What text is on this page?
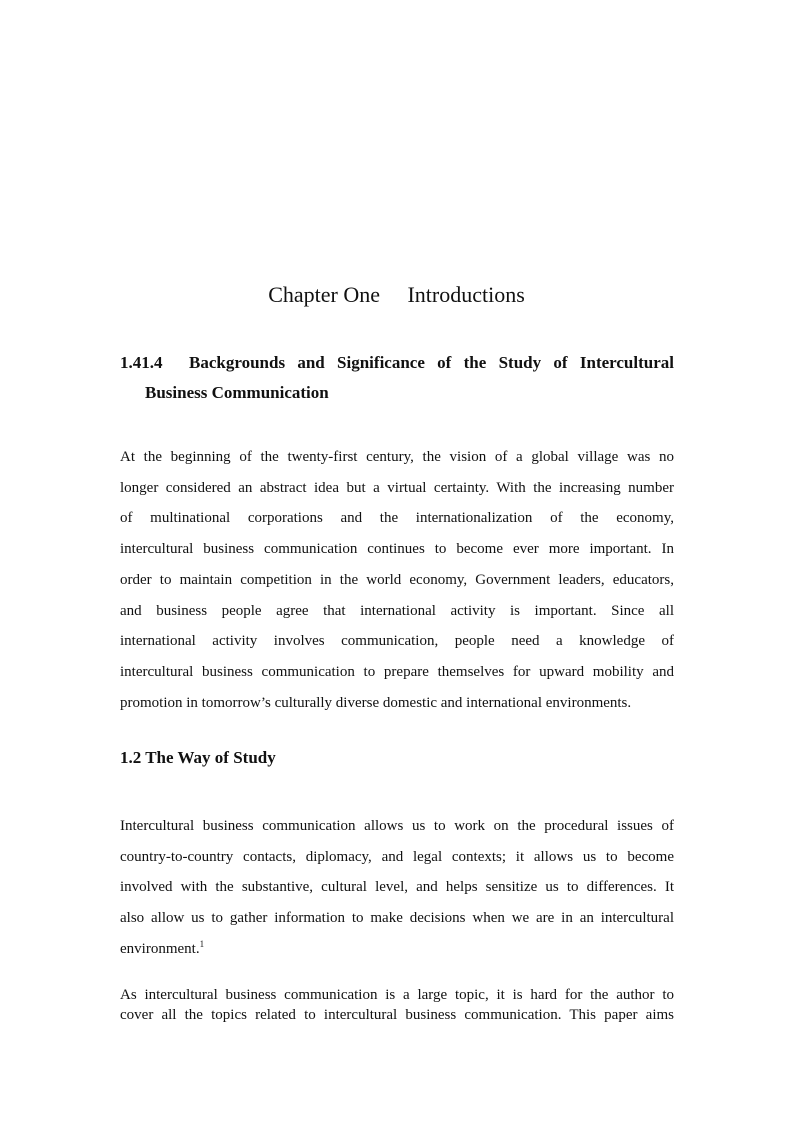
Chapter One  Introductions
1.41.4 Backgrounds and Significance of the Study of Intercultural
Business Communication
At the beginning of the twenty-first century, the vision of a global village was no
longer considered an abstract idea but a virtual certainty. With the increasing number
of multinational corporations and the internationalization of the economy,
intercultural business communication continues to become ever more important. In
order to maintain competition in the world economy, Government leaders, educators,
and business people agree that international activity is important. Since all
international activity involves communication, people need a knowledge of
intercultural business communication to prepare themselves for upward mobility and
promotion in tomorrow’s culturally diverse domestic and international environments.
1.2 The Way of Study
Intercultural business communication allows us to work on the procedural issues of
country-to-country contacts, diplomacy, and legal contexts; it allows us to become
involved with the substantive, cultural level, and helps sensitize us to differences. It
also allow us to gather information to make decisions when we are in an intercultural
environment.$^1$
As intercultural business communication is a large topic, it is hard for the author to
cover all the topics related to intercultural business communication. This paper aims
